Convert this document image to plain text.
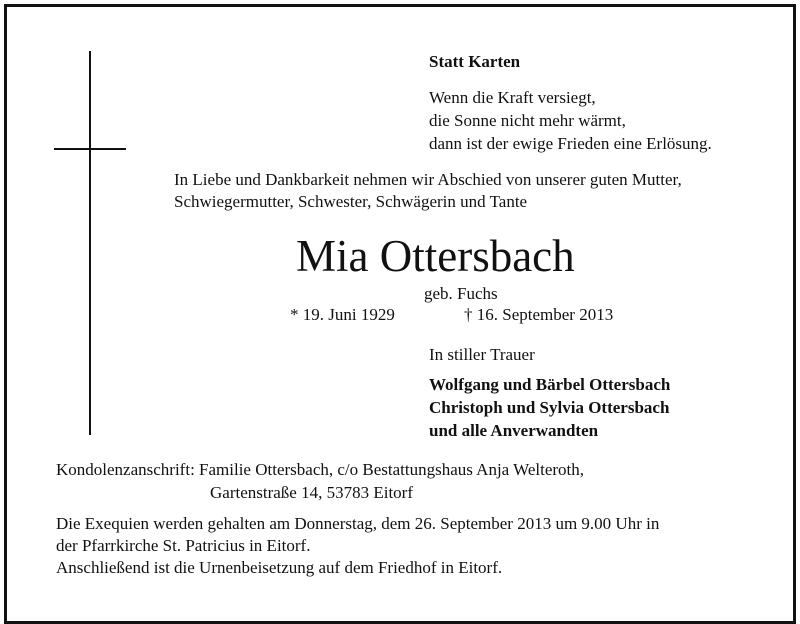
Statt Karten
Wenn die Kraft versiegt,
die Sonne nicht mehr wärmt,
dann ist der ewige Frieden eine Erlösung.
In Liebe und Dankbarkeit nehmen wir Abschied von unserer guten Mutter,
Schwiegermutter, Schwester, Schwägerin und Tante
Mia Ottersbach
geb. Fuchs
* 19. Juni 1929	† 16. September 2013
In stiller Trauer
Wolfgang und Bärbel Ottersbach
Christoph und Sylvia Ottersbach
und alle Anverwandten
Kondolenzanschrift: Familie Ottersbach, c/o Bestattungshaus Anja Welteroth,
Gartenstraße 14, 53783 Eitorf
Die Exequien werden gehalten am Donnerstag, dem 26. September 2013 um 9.00 Uhr in
der Pfarrkirche St. Patricius in Eitorf.
Anschließend ist die Urnenbeisetzung auf dem Friedhof in Eitorf.
